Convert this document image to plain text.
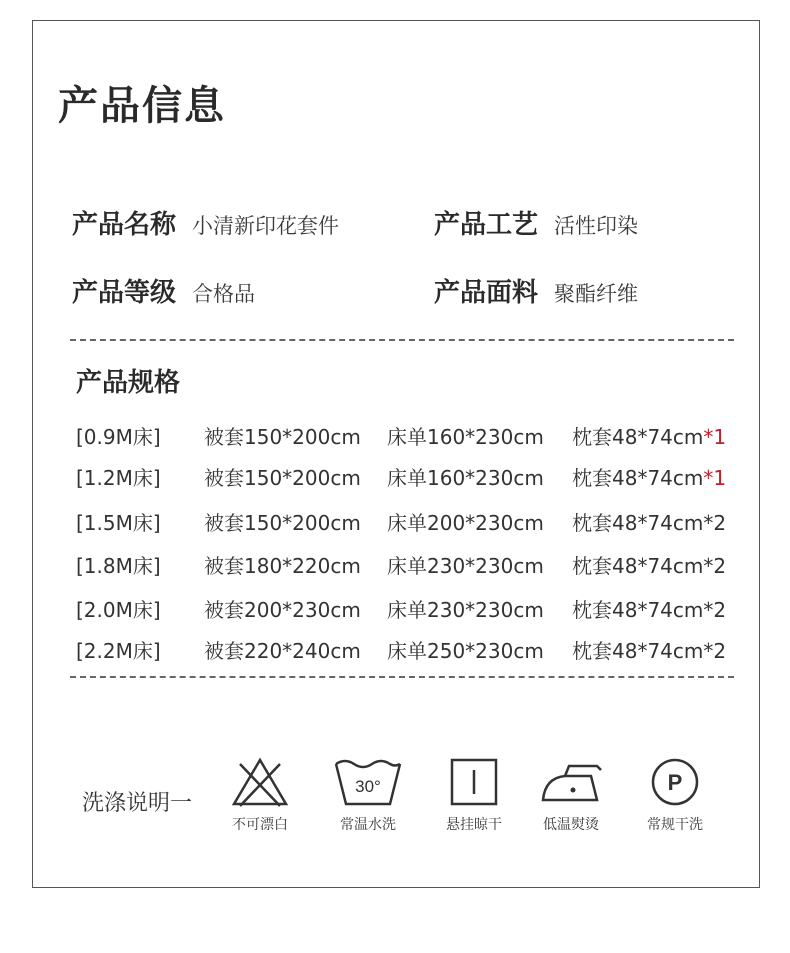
产品信息
产品名称 小清新印花套件	产品工艺 活性印染
产品等级 合格品	产品面料 聚酯纤维
产品规格
[0.9M床] 被套150*200cm 床单160*230cm 枕套48*74cm*1
[1.2M床] 被套150*200cm 床单160*230cm 枕套48*74cm*1
[1.5M床] 被套150*200cm 床单200*230cm 枕套48*74cm*2
[1.8M床] 被套180*220cm 床单230*230cm 枕套48*74cm*2
[2.0M床] 被套200*230cm 床单230*230cm 枕套48*74cm*2
[2.2M床] 被套220*240cm 床单250*230cm 枕套48*74cm*2
洗涤说明一
不可漂白
30°
常温水洗	悬挂晾干	低温熨烫
P
常规干洗
